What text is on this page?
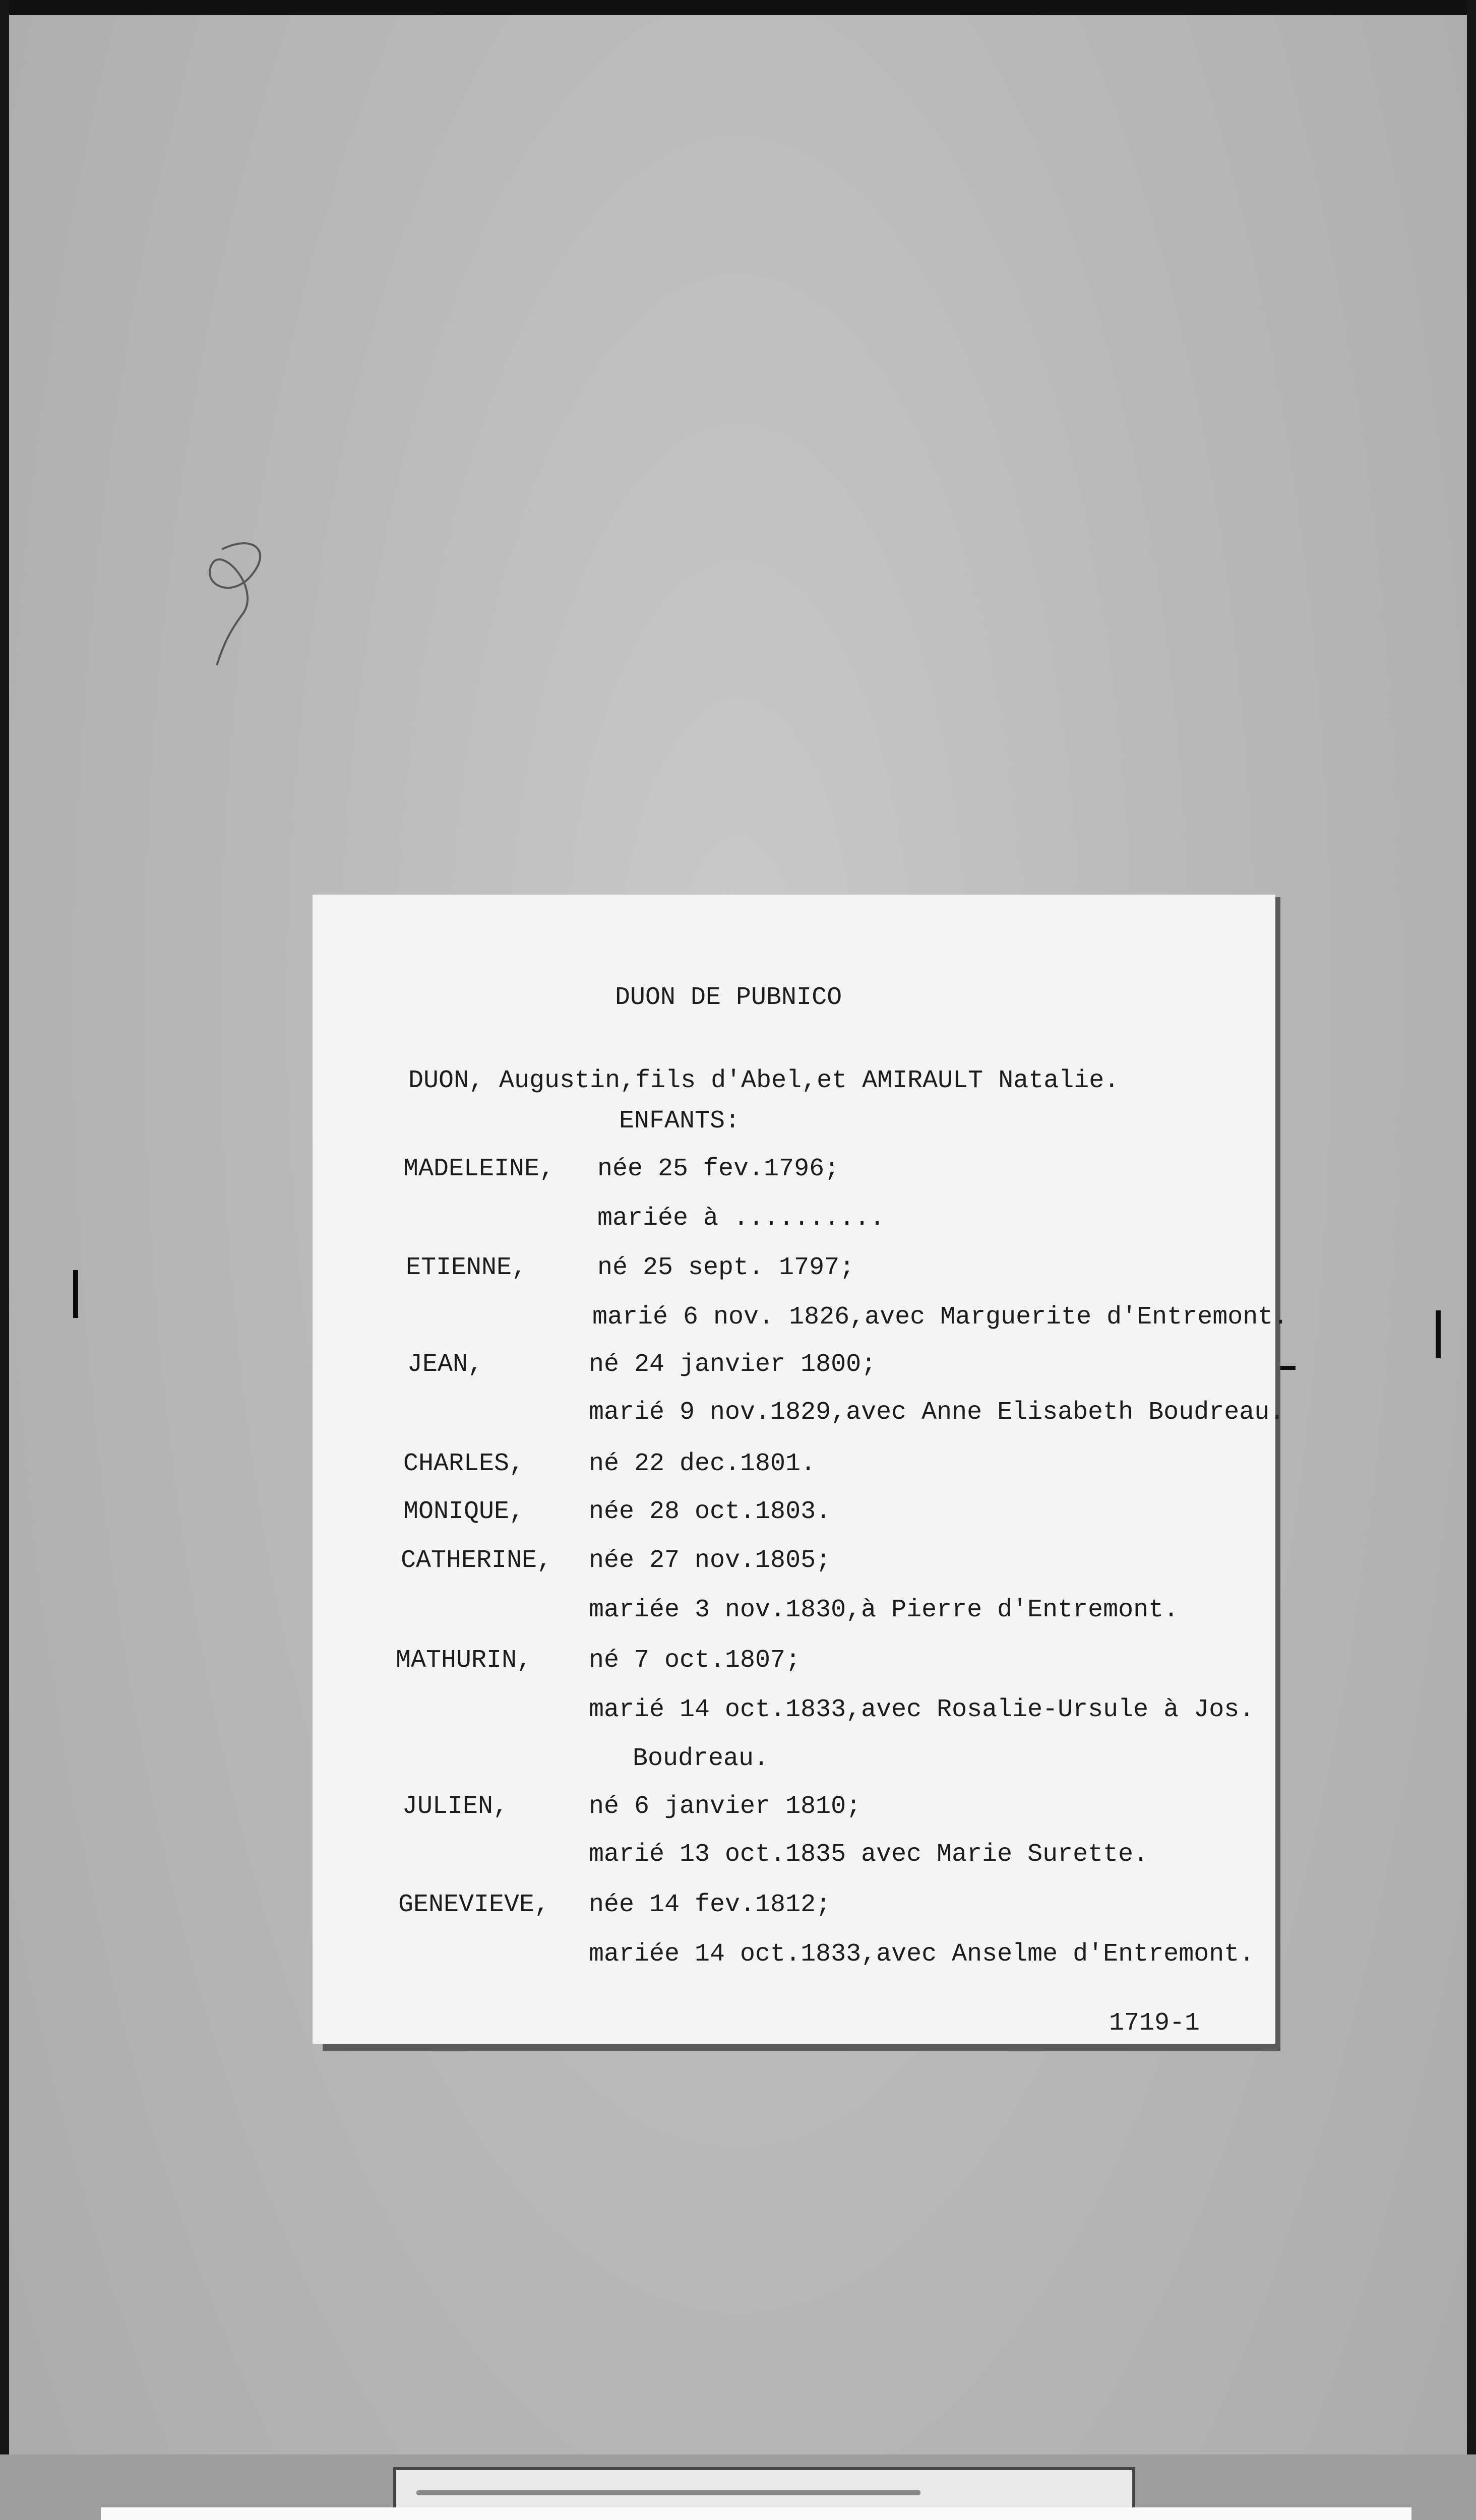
DUON DE PUBNICO

DUON, Augustin,fils d'Abel,et AMIRAULT Natalie.

ENFANTS:

MADELEINE, née 25 fev.1796;

mariée à ..........

ETIENNE,	né 25 sept. 1797;

marié 6 nov. 1826,avec Marguerite d'Entremont.

JEAN,	né 24 janvier 1800;

marié 9 nov.1829,avec Anne Elisabeth Boudreau.

CHARLES,	né 22 dec.1801.

MONIQUE,	née 28 oct.1803.

CATHERINE, née 27 nov.1805;

mariée 3 nov.1830,à Pierre d'Entremont.

MATHURIN, né 7 oct.1807;

marié 14 oct.1833,avec Rosalie-Ursule à Jos.

Boudreau.

JULIEN,	né 6 janvier 1810;

marié 13 oct.1835 avec Marie Surette.

GENEVIEVE, née 14 fev.1812;

mariée 14 oct.1833,avec Anselme d'Entremont.

1719-1
